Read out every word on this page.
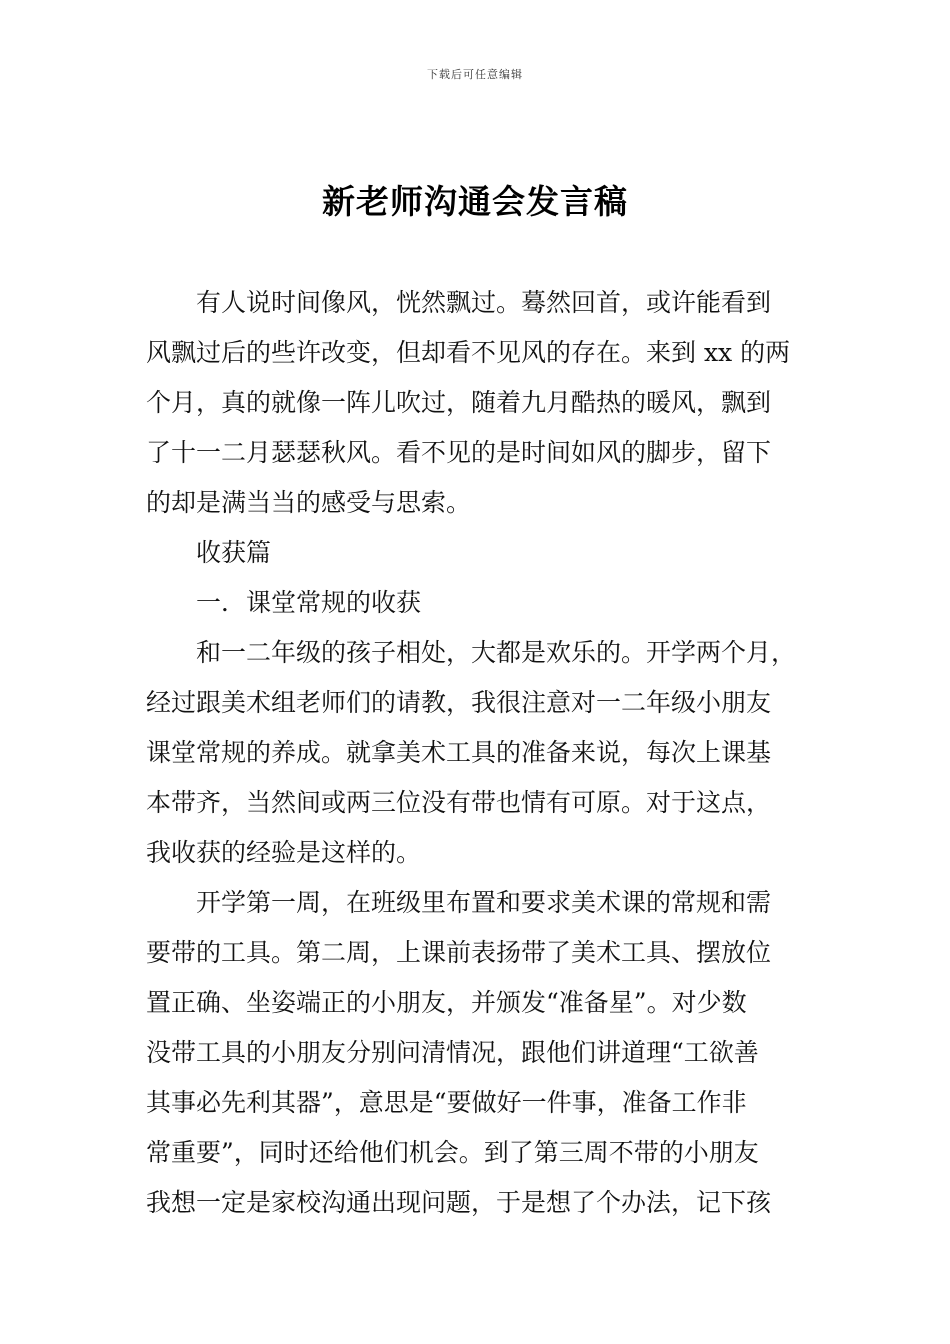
下载后可任意编辑
新老师沟通会发言稿
有人说时间像风，恍然飘过。蓦然回首，或许能看到
风飘过后的些许改变，但却看不见风的存在。来到 xx 的两
个月，真的就像一阵儿吹过，随着九月酷热的暖风，飘到
了十一二月瑟瑟秋风。看不见的是时间如风的脚步，留下
的却是满当当的感受与思索。
收获篇
一．课堂常规的收获
和一二年级的孩子相处，大都是欢乐的。开学两个月，
经过跟美术组老师们的请教，我很注意对一二年级小朋友
课堂常规的养成。就拿美术工具的准备来说，每次上课基
本带齐，当然间或两三位没有带也情有可原。对于这点，
我收获的经验是这样的。
开学第一周，在班级里布置和要求美术课的常规和需
要带的工具。第二周，上课前表扬带了美术工具、摆放位
置正确、坐姿端正的小朋友，并颁发“准备星”。对少数
没带工具的小朋友分别问清情况，跟他们讲道理“工欲善
其事必先利其器”，意思是“要做好一件事，准备工作非
常重要”，同时还给他们机会。到了第三周不带的小朋友
我想一定是家校沟通出现问题，于是想了个办法，记下孩
